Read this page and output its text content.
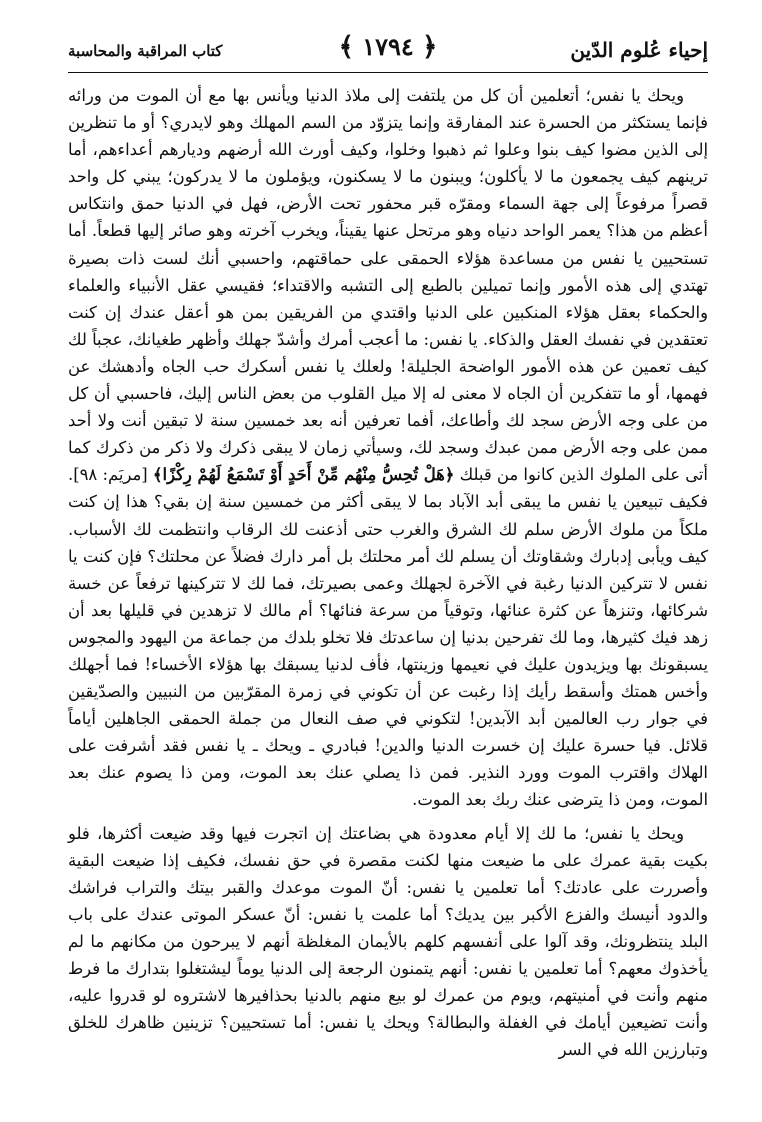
إحياء عُلوم الدّين
﴿ ١٧٩٤ ﴾
كتاب المراقبة والمحاسبة

ويحك يا نفس؛ أتعلمين أن كل من يلتفت إلى ملاذ الدنيا ويأنس بها مع أن الموت من ورائه فإنما يستكثر من الحسرة عند المفارقة وإنما يتزوّد من السم المهلك وهو لايدري؟ أو ما تنظرين إلى الذين مضوا كيف بنوا وعلوا ثم ذهبوا وخلوا، وكيف أورث الله أرضهم وديارهم أعداءهم، أما ترينهم كيف يجمعون ما لا يأكلون؛ ويبنون ما لا يسكنون، ويؤملون ما لا يدركون؛ يبني كل واحد قصراً مرفوعاً إلى جهة السماء ومقرّه قبر محفور تحت الأرض، فهل في الدنيا حمق وانتكاس أعظم من هذا؟ يعمر الواحد دنياه وهو مرتحل عنها يقيناً، ويخرب آخرته وهو صائر إليها قطعاً. أما تستحيين يا نفس من مساعدة هؤلاء الحمقى على حماقتهم، واحسبي أنك لست ذات بصيرة تهتدي إلى هذه الأمور وإنما تميلين بالطبع إلى التشبه والاقتداء؛ فقيسي عقل الأنبياء والعلماء والحكماء بعقل هؤلاء المنكبين على الدنيا واقتدي من الفريقين بمن هو أعقل عندك إن كنت تعتقدين في نفسك العقل والذكاء. يا نفس: ما أعجب أمرك وأشدّ جهلك وأظهر طغيانك، عجباً لك كيف تعمين عن هذه الأمور الواضحة الجليلة! ولعلك يا نفس أسكرك حب الجاه وأدهشك عن فهمها، أو ما تتفكرين أن الجاه لا معنى له إلا ميل القلوب من بعض الناس إليك، فاحسبي أن كل من على وجه الأرض سجد لك وأطاعك، أفما تعرفين أنه بعد خمسين سنة لا تبقين أنت ولا أحد ممن على وجه الأرض ممن عبدك وسجد لك، وسيأتي زمان لا يبقى ذكرك ولا ذكر من ذكرك كما أتى على الملوك الذين كانوا من قبلك ﴿هَلْ تُحِسُّ مِنْهُم مِّنْ أَحَدٍ أَوْ تَسْمَعُ لَهُمْ رِكْزًا﴾ [مريَم: ٩٨]. فكيف تبيعين يا نفس ما يبقى أبد الآباد بما لا يبقى أكثر من خمسين سنة إن بقي؟ هذا إن كنت ملكاً من ملوك الأرض سلم لك الشرق والغرب حتى أذعنت لك الرقاب وانتظمت لك الأسباب. كيف ويأبى إدبارك وشقاوتك أن يسلم لك أمر محلتك بل أمر دارك فضلاً عن محلتك؟ فإن كنت يا نفس لا تتركين الدنيا رغبة في الآخرة لجهلك وعمى بصيرتك، فما لك لا تتركينها ترفعاً عن خسة شركائها، وتنزهاً عن كثرة عنائها، وتوقياً من سرعة فنائها؟ أم مالك لا تزهدين في قليلها بعد أن زهد فيك كثيرها، وما لك تفرحين بدنيا إن ساعدتك فلا تخلو بلدك من جماعة من اليهود والمجوس يسبقونك بها ويزيدون عليك في نعيمها وزينتها، فأف لدنيا يسبقك بها هؤلاء الأخساء! فما أجهلك وأخس همتك وأسقط رأيك إذا رغبت عن أن تكوني في زمرة المقرّبين من النبيين والصدّيقين في جوار رب العالمين أبد الآبدين! لتكوني في صف النعال من جملة الحمقى الجاهلين أياماً قلائل. فيا حسرة عليك إن خسرت الدنيا والدين! فبادري ـ ويحك ـ يا نفس فقد أشرفت على الهلاك واقترب الموت وورد النذير. فمن ذا يصلي عنك بعد الموت، ومن ذا يصوم عنك بعد الموت، ومن ذا يترضى عنك ربك بعد الموت.

ويحك يا نفس؛ ما لك إلا أيام معدودة هي بضاعتك إن اتجرت فيها وقد ضيعت أكثرها، فلو بكيت بقية عمرك على ما ضيعت منها لكنت مقصرة في حق نفسك، فكيف إذا ضيعت البقية وأصررت على عادتك؟ أما تعلمين يا نفس: أنّ الموت موعدك والقبر بيتك والتراب فراشك والدود أنيسك والفزع الأكبر بين يديك؟ أما علمت يا نفس: أنّ عسكر الموتى عندك على باب البلد ينتظرونك، وقد آلوا على أنفسهم كلهم بالأيمان المغلظة أنهم لا يبرحون من مكانهم ما لم يأخذوك معهم؟ أما تعلمين يا نفس: أنهم يتمنون الرجعة إلى الدنيا يوماً ليشتغلوا بتدارك ما فرط منهم وأنت في أمنيتهم، ويوم من عمرك لو بيع منهم بالدنيا بحذافيرها لاشتروه لو قدروا عليه، وأنت تضيعين أيامك في الغفلة والبطالة؟ ويحك يا نفس: أما تستحيين؟ تزينين ظاهرك للخلق وتبارزين الله في السر
